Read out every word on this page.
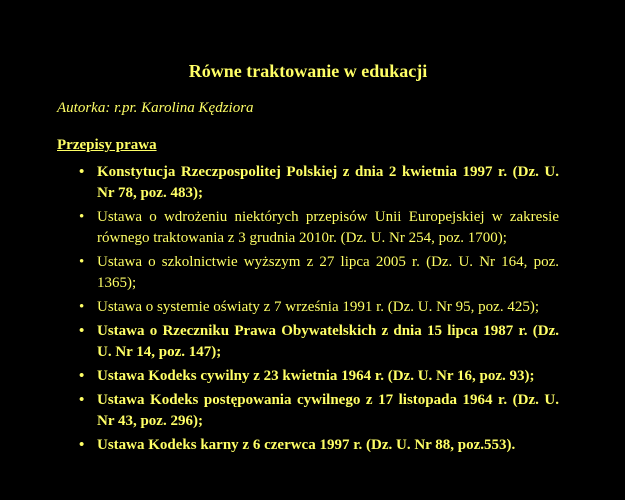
Równe traktowanie w edukacji
Autorka: r.pr. Karolina Kędziora
Przepisy prawa
• Konstytucja Rzeczpospolitej Polskiej z dnia 2 kwietnia 1997 r. (Dz. U. Nr 78, poz. 483);
• Ustawa o wdrożeniu niektórych przepisów Unii Europejskiej w zakresie równego traktowania z 3 grudnia 2010r. (Dz. U. Nr 254, poz. 1700);
• Ustawa o szkolnictwie wyższym z 27 lipca 2005 r. (Dz. U. Nr 164, poz. 1365);
• Ustawa o systemie oświaty z 7 września 1991 r. (Dz. U. Nr 95, poz. 425);
• Ustawa o Rzeczniku Prawa Obywatelskich z dnia 15 lipca 1987 r. (Dz. U. Nr 14, poz. 147);
• Ustawa Kodeks cywilny z 23 kwietnia 1964 r. (Dz. U. Nr 16, poz. 93);
• Ustawa Kodeks postępowania cywilnego z 17 listopada 1964 r. (Dz. U. Nr 43, poz. 296);
• Ustawa Kodeks karny z 6 czerwca 1997 r. (Dz. U. Nr 88, poz.553).
